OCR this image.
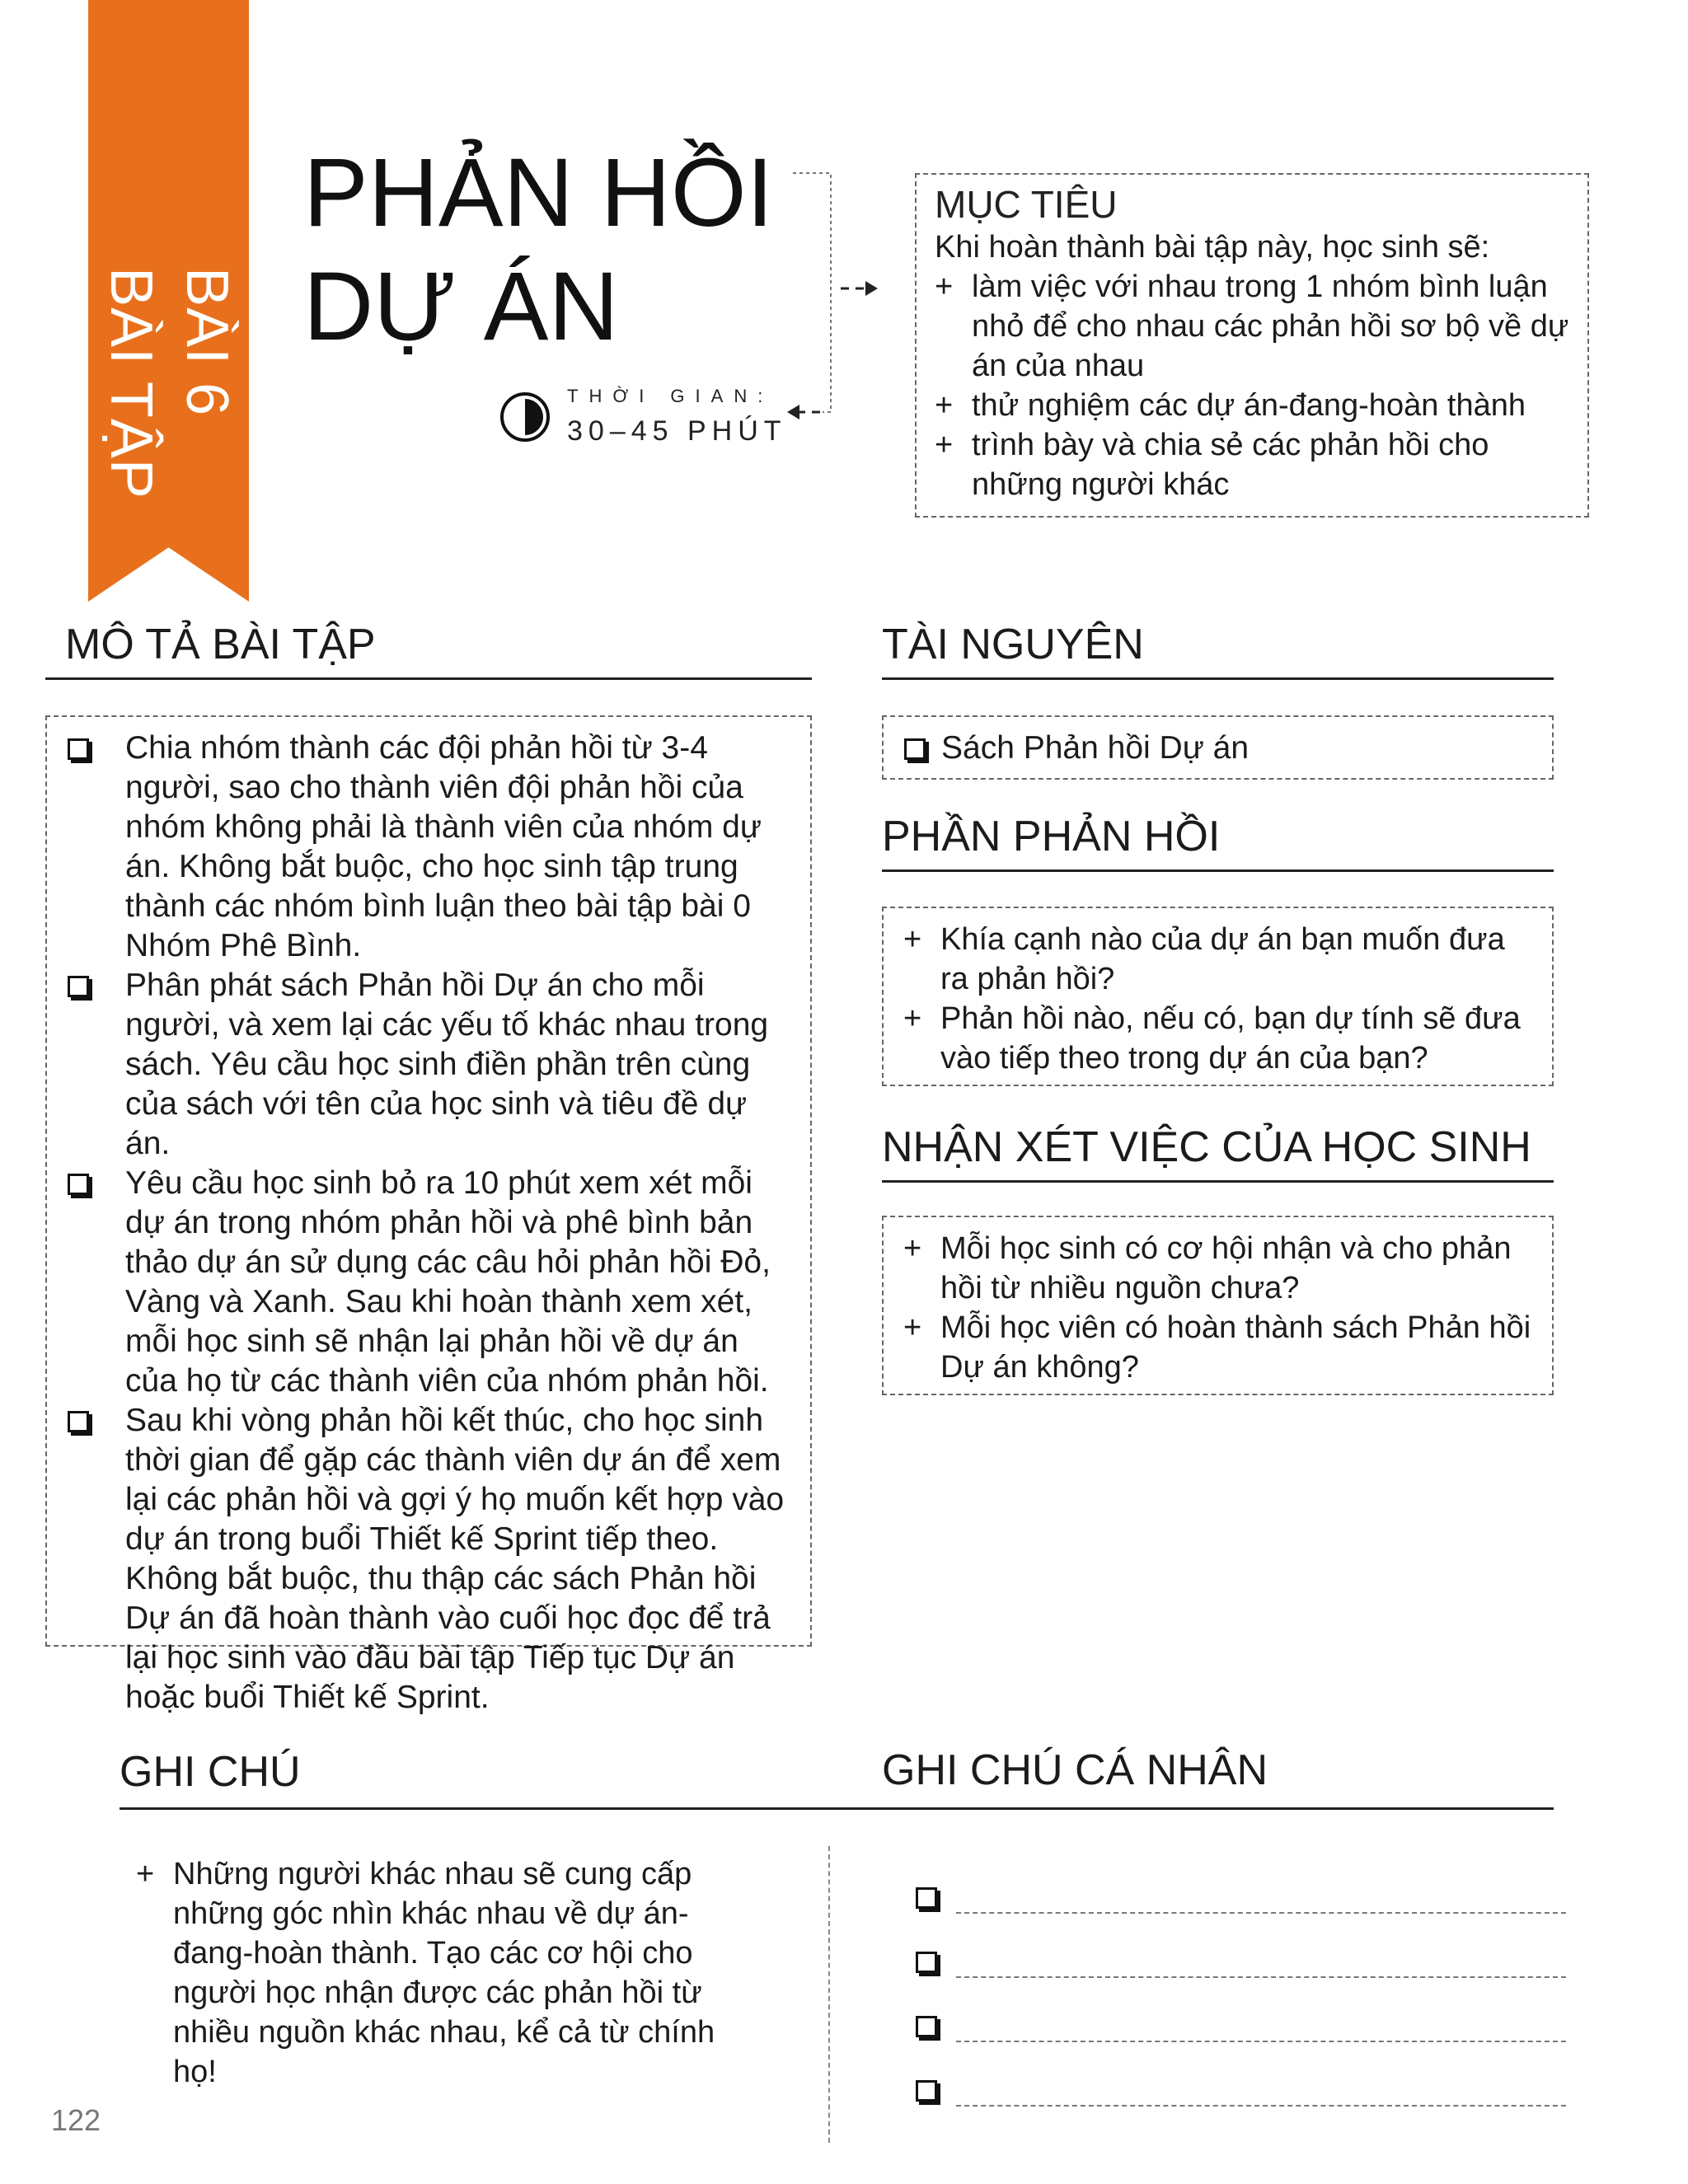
BÀI 6
BÀI TẬP
PHẢN HỒI
DỰ ÁN
THỜI GIAN:
30–45 PHÚT
MỤC TIÊU
Khi hoàn thành bài tập này, học sinh sẽ:
+ làm việc với nhau trong 1 nhóm bình luận nhỏ để cho nhau các phản hồi sơ bộ về dự án của nhau
+ thử nghiệm các dự án-đang-hoàn thành
+ trình bày và chia sẻ các phản hồi cho những người khác
MÔ TẢ BÀI TẬP
Chia nhóm thành các đội phản hồi từ 3-4 người, sao cho thành viên đội phản hồi của nhóm không phải là thành viên của nhóm dự án. Không bắt buộc, cho học sinh tập trung thành các nhóm bình luận theo bài tập bài 0 Nhóm Phê Bình.
Phân phát sách Phản hồi Dự án cho mỗi người, và xem lại các yếu tố khác nhau trong sách. Yêu cầu học sinh điền phần trên cùng của sách với tên của học sinh và tiêu đề dự án.
Yêu cầu học sinh bỏ ra 10 phút xem xét mỗi dự án trong nhóm phản hồi và phê bình bản thảo dự án sử dụng các câu hỏi phản hồi Đỏ, Vàng và Xanh. Sau khi hoàn thành xem xét, mỗi học sinh sẽ nhận lại phản hồi về dự án của họ từ các thành viên của nhóm phản hồi.
Sau khi vòng phản hồi kết thúc, cho học sinh thời gian để gặp các thành viên dự án để xem lại các phản hồi và gợi ý họ muốn kết hợp vào dự án trong buổi Thiết kế Sprint tiếp theo. Không bắt buộc, thu thập các sách Phản hồi Dự án đã hoàn thành vào cuối học đọc để trả lại học sinh vào đầu bài tập Tiếp tục Dự án hoặc buổi Thiết kế Sprint.
TÀI NGUYÊN
Sách Phản hồi Dự án
PHẦN PHẢN HỒI
+ Khía cạnh nào của dự án bạn muốn đưa ra phản hồi?
+ Phản hồi nào, nếu có, bạn dự tính sẽ đưa vào tiếp theo trong dự án của bạn?
NHẬN XÉT VIỆC CỦA HỌC SINH
+ Mỗi học sinh có cơ hội nhận và cho phản hồi từ nhiều nguồn chưa?
+ Mỗi học viên có hoàn thành sách Phản hồi Dự án không?
GHI CHÚ	GHI CHÚ CÁ NHÂN
+ Những người khác nhau sẽ cung cấp những góc nhìn khác nhau về dự án-đang-hoàn thành. Tạo các cơ hội cho người học nhận được các phản hồi từ nhiều nguồn khác nhau, kể cả từ chính họ!
122
